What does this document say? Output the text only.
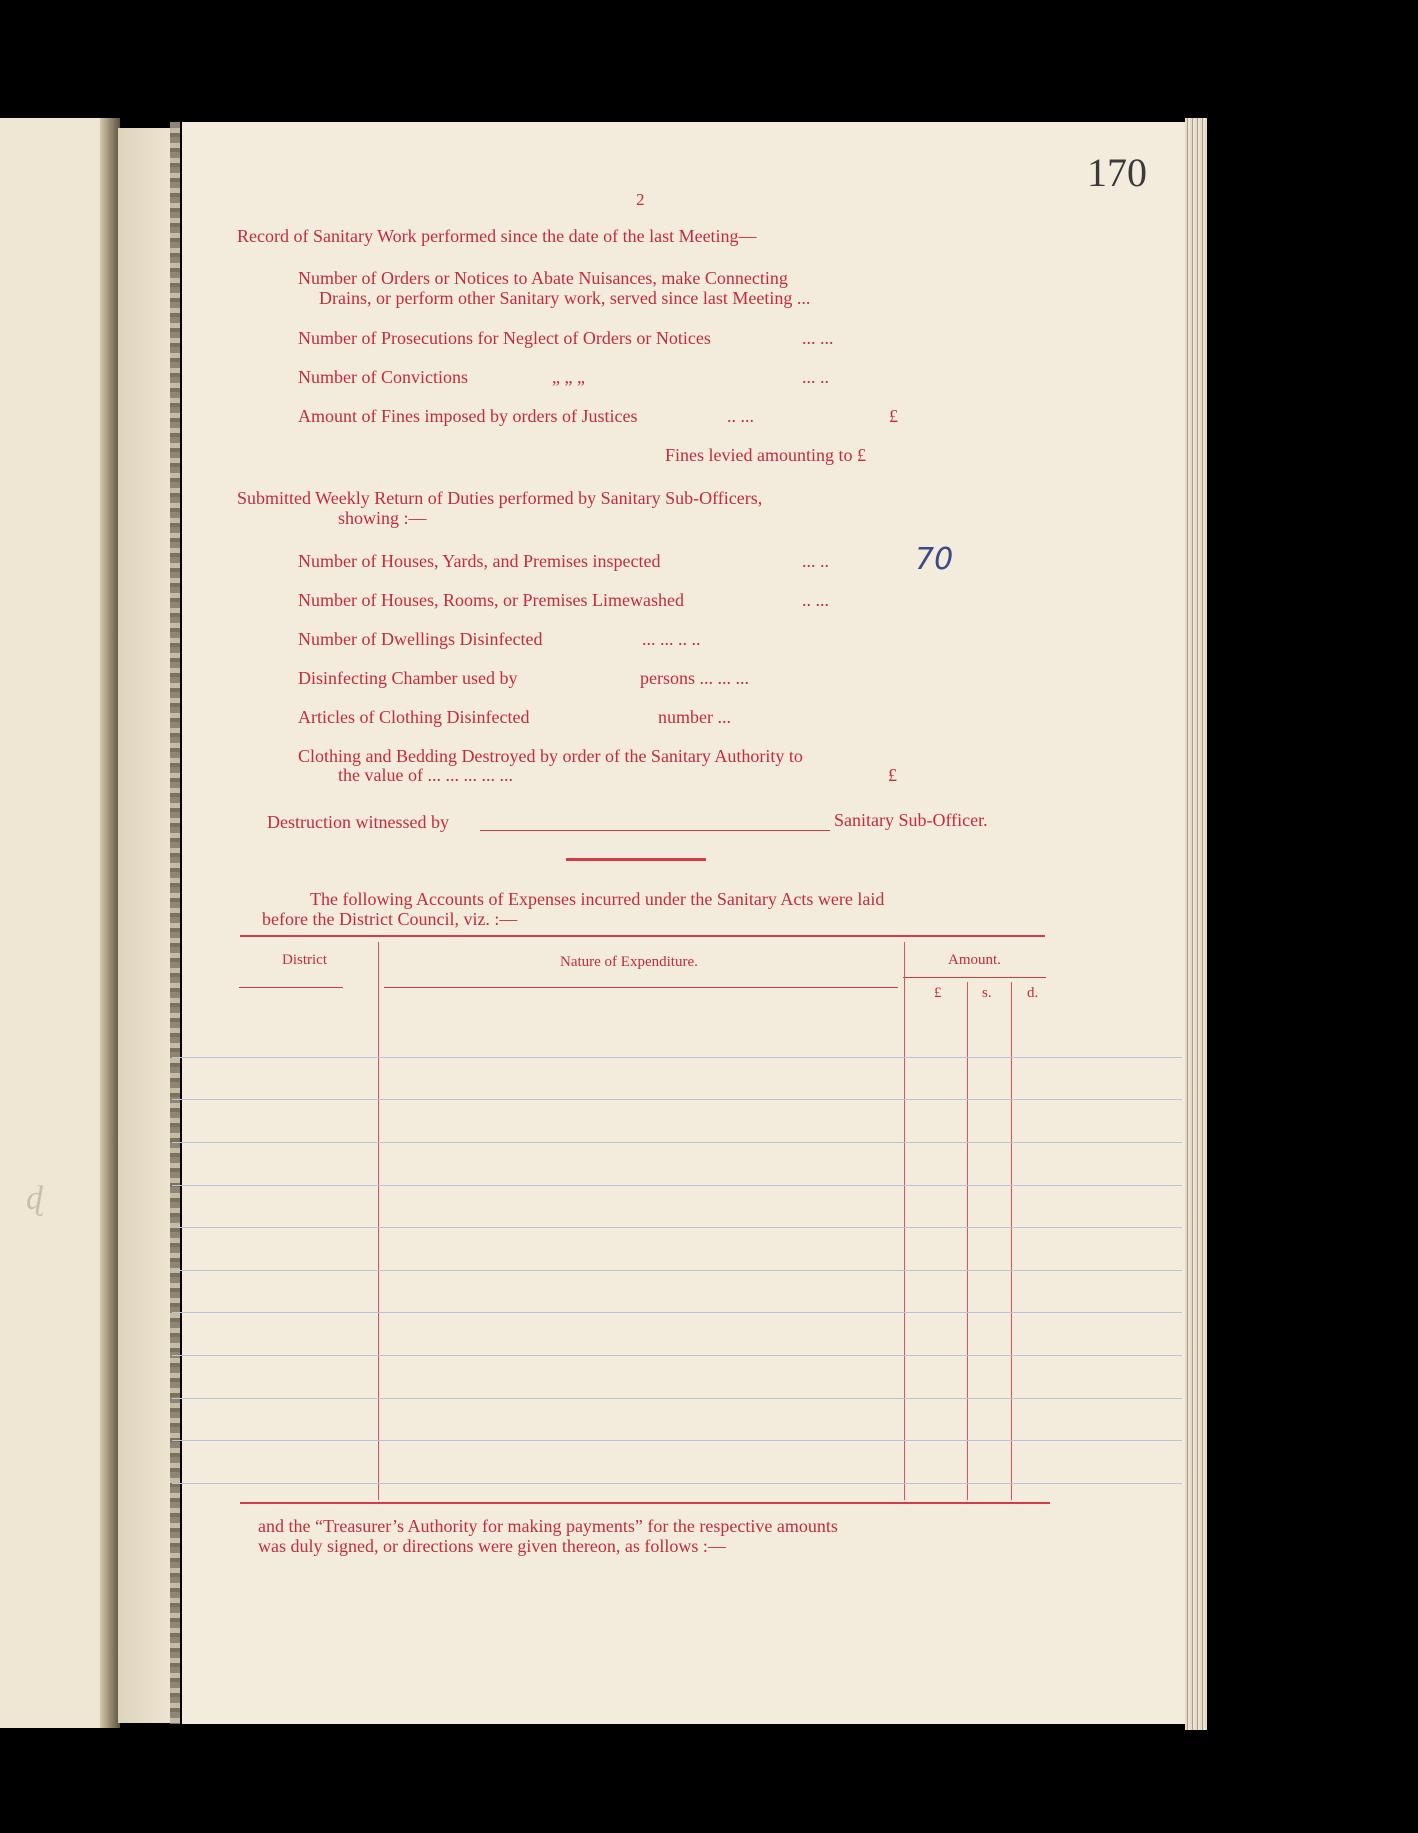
ɖ
170
2
Record of Sanitary Work performed since the date of the last Meeting—
Number of Orders or Notices to Abate Nuisances, make Connecting
Drains, or perform other Sanitary work, served since last Meeting ...
Number of Prosecutions for Neglect of Orders or Notices	... ...
Number of Convictions	„ „ „	... ..
Amount of Fines imposed by orders of Justices	.. ...	£
Fines levied amounting to £
Submitted Weekly Return of Duties performed by Sanitary Sub-Officers,
showing :—
Number of Houses, Yards, and Premises inspected	... ..	70
Number of Houses, Rooms, or Premises Limewashed	.. ...
Number of Dwellings Disinfected	... ... .. ..
Disinfecting Chamber used by	persons ... ... ...
Articles of Clothing Disinfected	number ...
Clothing and Bedding Destroyed by order of the Sanitary Authority to
the value of ... ... ... ... ...	£
Destruction witnessed by	Sanitary Sub-Officer.
The following Accounts of Expenses incurred under the Sanitary Acts were laid
before the District Council, viz. :—
District	Nature of Expenditure.	Amount.
£	s. d.
and the “Treasurer’s Authority for making payments” for the respective amounts
was duly signed, or directions were given thereon, as follows :—
